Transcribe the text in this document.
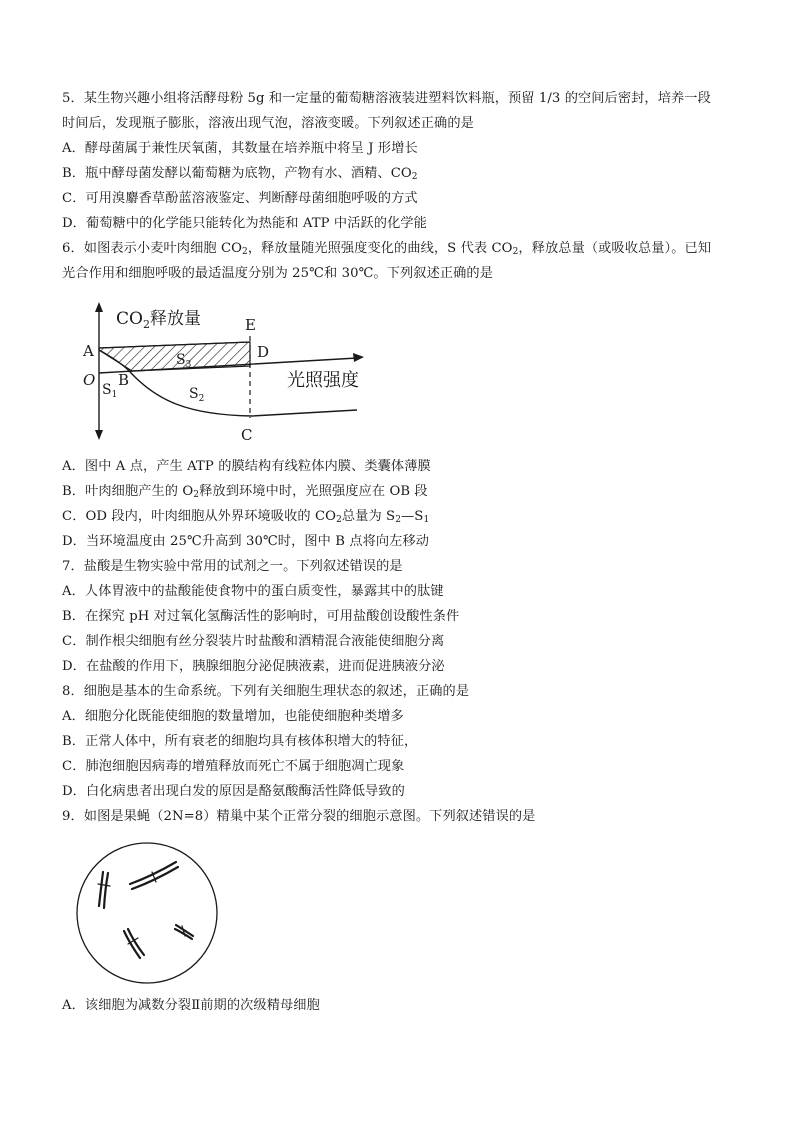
5．某生物兴趣小组将活酵母粉 5g 和一定量的葡萄糖溶液装进塑料饮料瓶，预留 1/3 的空间后密封，培养一段
时间后，发现瓶子膨胀，溶液出现气泡，溶液变暖。下列叙述正确的是
A．酵母菌属于兼性厌氧菌，其数量在培养瓶中将呈 J 形增长
B．瓶中酵母菌发酵以葡萄糖为底物，产物有水、酒精、$CO_2$
C．可用溴麝香草酚蓝溶液鉴定、判断酵母菌细胞呼吸的方式
D．葡萄糖中的化学能只能转化为热能和 ATP 中活跃的化学能
6．如图表示小麦叶肉细胞 $CO_2$，释放量随光照强度变化的曲线，S 代表 $CO_2$，释放总量（或吸收总量）。已知
光合作用和细胞呼吸的最适温度分别为 25℃和 30℃。下列叙述正确的是
$CO_2$释放量
光照强度
A
O B
C
D
E
$S_1$	$S_2$
$S_3$
A．图中 A 点，产生 ATP 的膜结构有线粒体内膜、类囊体薄膜
B．叶肉细胞产生的 $O_2$释放到环境中时，光照强度应在 OB 段
C．OD 段内，叶肉细胞从外界环境吸收的 $CO_2$总量为 $S_2—S_1$
D．当环境温度由 25℃升高到 30℃时，图中 B 点将向左移动
7．盐酸是生物实验中常用的试剂之一。下列叙述错误的是
A．人体胃液中的盐酸能使食物中的蛋白质变性，暴露其中的肽键
B．在探究 pH 对过氧化氢酶活性的影响时，可用盐酸创设酸性条件
C．制作根尖细胞有丝分裂装片时盐酸和酒精混合液能使细胞分离
D．在盐酸的作用下，胰腺细胞分泌促胰液素，进而促进胰液分泌
8．细胞是基本的生命系统。下列有关细胞生理状态的叙述，正确的是
A．细胞分化既能使细胞的数量增加，也能使细胞种类增多
B．正常人体中，所有衰老的细胞均具有核体积增大的特征，
C．肺泡细胞因病毒的增殖释放而死亡不属于细胞凋亡现象
D．白化病患者出现白发的原因是酪氨酸酶活性降低导致的
9．如图是果蝇（2N=8）精巢中某个正常分裂的细胞示意图。下列叙述错误的是
A．该细胞为减数分裂Ⅱ前期的次级精母细胞
